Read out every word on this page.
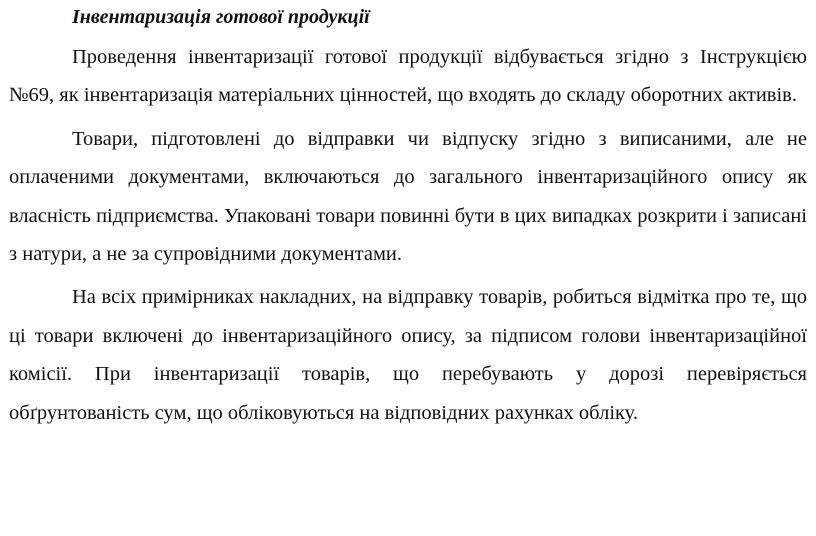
Інвентаризація готової продукції

Проведення інвентаризації готової продукції відбувається згідно з Інструкцією №69, як інвентаризація матеріальних цінностей, що входять до складу оборотних активів.

Товари, підготовлені до відправки чи відпуску згідно з виписаними, але не оплаченими документами, включаються до загального інвентаризаційного опису як власність підприємства. Упаковані товари повинні бути в цих випадках розкрити і записані з натури, а не за супровідними документами.

На всіх примірниках накладних, на відправку товарів, робиться відмітка про те, що ці товари включені до інвентаризаційного опису, за підписом голови інвентаризаційної комісії. При інвентаризації товарів, що перебувають у дорозі перевіряється обґрунтованість сум, що обліковуються на відповідних рахунках обліку.
